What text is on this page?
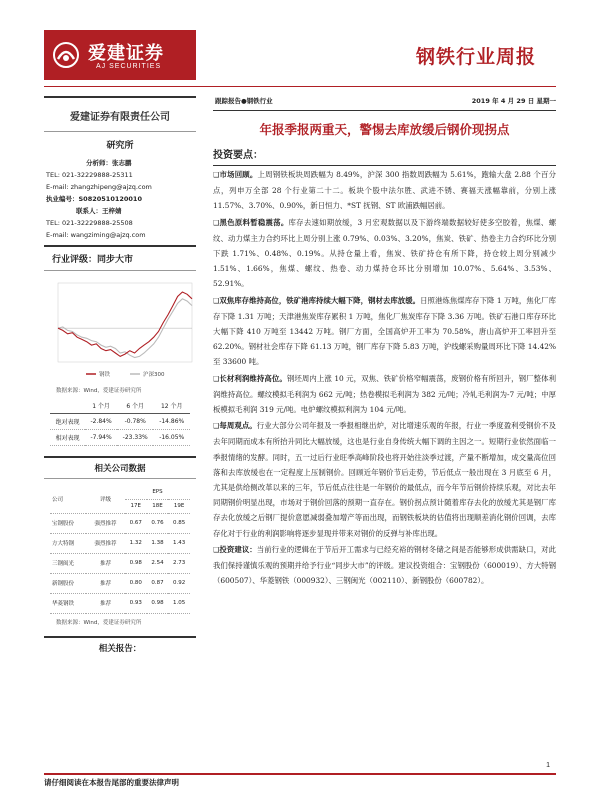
爱建证券
AJ SECURITIES	钢铁行业周报
爱建证券有限责任公司
研究所
分析师：张志鹏
TEL: 021-32229888-25311
E-mail: zhangzhipeng@ajzq.com
执业编号：S0820510120010
联系人：王梓婧
TEL: 021-32229888-25508
E-mail: wangziming@ajzq.com
行业评级：同步大市
钢铁	沪深300
数据来源：Wind，爱建证券研究所
	1 个月	6 个月	12 个月
绝对表现	-2.84%	-0.78%	-14.86%
相对表现	-7.94%	-23.33%	-16.05%
相关公司数据
公司	评级	EPS		
		17E	18E	19E
宝钢股份	强烈推荐	0.67	0.76	0.85
方大特钢	强烈推荐	1.32	1.38	1.43
三钢闽光	推荐	0.98	2.54	2.73
新钢股份	推荐	0.80	0.87	0.92
华菱钢铁	推荐	0.93	0.98	1.05
数据来源：Wind，爱建证券研究所
相关报告：
跟踪报告●钢铁行业	2019 年 4 月 29 日 星期一
年报季报两重天，警惕去库放缓后钢价现拐点
投资要点：

❑市场回顾。上周钢铁板块周跌幅为 8.49%，沪深 300 指数周跌幅为 5.61%，跑输大盘 2.88 个百分点，列申万全部 28 个行业第二十二。板块个股中法尔胜、武进不锈、赛福天涨幅靠前，分别上涨 11.57%、3.70%、0.90%，新日恒力、*ST 抚钢、ST 欧浦跌幅居前。

❑黑色原料暂稳震荡。库存去速如期放缓，3 月宏观数据以及下游终端数据较好使多空胶着，焦煤、螺纹、动力煤主力合约环比上周分别上涨 0.79%、0.03%、3.20%，焦炭、铁矿、热卷主力合约环比分别下跌 1.71%、0.48%、0.19%。从持仓量上看，焦炭、铁矿持仓有所下降，持仓较上周分别减少 1.51%、1.66%，焦煤、螺纹、热卷、动力煤持仓环比分别增加 10.07%、5.64%、3.53%、52.91%。

❑双焦库存维持高位，铁矿港库持续大幅下降，钢材去库放缓。日照港炼焦煤库存下降 1 万吨，焦化厂库存下降 1.31 万吨；天津港焦炭库存累积 1 万吨，焦化厂焦炭库存下降 3.36 万吨。铁矿石港口库存环比大幅下降 410 万吨至 13442 万吨。钢厂方面，全国高炉开工率为 70.58%，唐山高炉开工率回升至 62.20%。钢材社会库存下降 61.13 万吨，钢厂库存下降 5.83 万吨，沪线螺采购量周环比下降 14.42%至 33600 吨。

❑长材利润维持高位。钢坯周内上涨 10 元，双焦、铁矿价格窄幅震荡，废钢价格有所回升，钢厂整体利润维持高位。螺纹模拟毛利润为 662 元/吨；热卷模拟毛利润为 382 元/吨；冷轧毛利润为-7 元/吨；中厚板模拟毛利润 319 元/吨。电炉螺纹模拟利润为 104 元/吨。

❑每周观点。行业大部分公司年报及一季报相继出炉，对比增速乐观的年报，行业一季度盈利受钢价不及去年同期而成本有所抬升同比大幅放缓，这也是行业自身传统大幅下调的主因之一。短期行业依然面临一季报情绪的发酵。同时，五一过后行业旺季高峰阶段也将开始往淡季过渡，产量不断增加，成交量高位回落和去库放缓也在一定程度上压制钢价。回顾近年钢价节后走势，节后低点一般出现在 3 月底至 6 月，尤其是供给侧改革以来的三年，节后低点往往是一年钢价的最低点，而今年节后钢价持续乐观，对比去年同期钢价明显出现，市场对于钢价回落的预期一直存在。钢价拐点预计随着库存去化的放缓尤其是钢厂库存去化放缓之后钢厂提价意愿减弱叠加增产等而出现，而钢铁板块的估值将出现顺差消化钢价回调，去库存化对于行业的利润影响将逐步显现并带来对钢价的反弹与补库出现。

❑投资建议：当前行业的逻辑在于节后开工需求与已经充裕的钢材冬储之间是否能够形成供需缺口，对此我们保持谨慎乐观的预期并给予行业“同步大市”的评级。建议投资组合：宝钢股份（600019）、方大特钢（600507）、华菱钢铁（000932）、三钢闽光（002110）、新钢股份（600782）。

1
请仔细阅读在本报告尾部的重要法律声明
